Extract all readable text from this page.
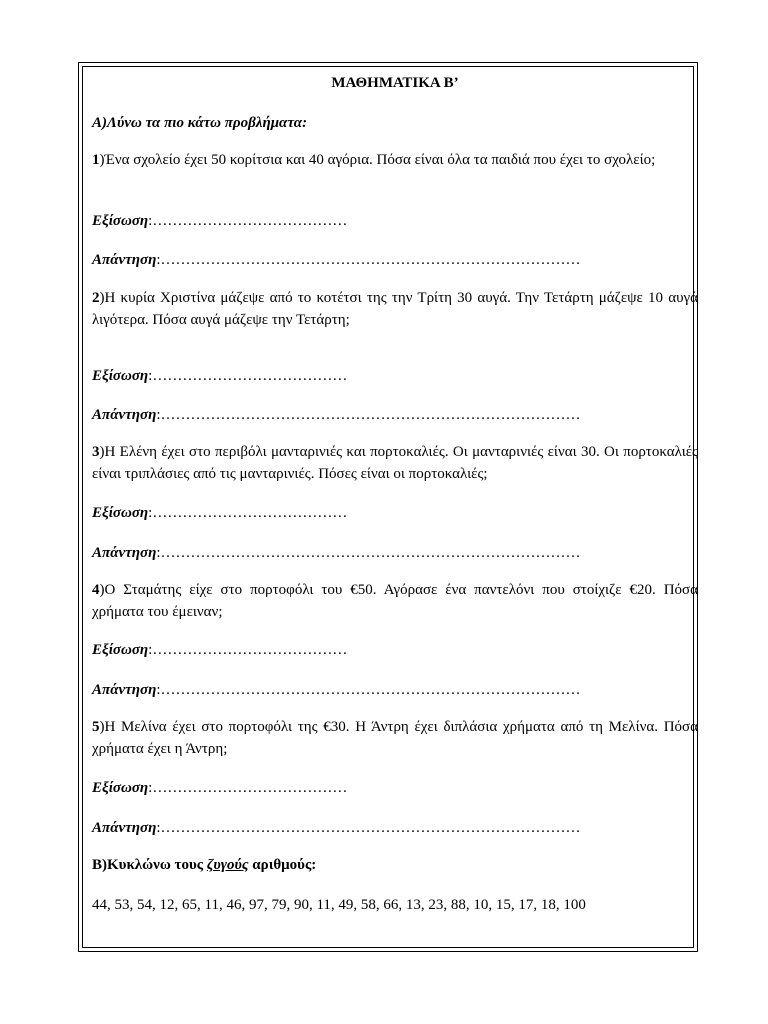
ΜΑΘΗΜΑΤΙΚΑ Β’
Α)Λύνω τα πιο κάτω προβλήματα:
1)Ένα σχολείο έχει 50 κορίτσια και 40 αγόρια. Πόσα είναι όλα τα παιδιά που έχει το σχολείο;
Εξίσωση:…………………………………
Απάντηση:…………………………………………………………………………
2)Η κυρία Χριστίνα μάζεψε από το κοτέτσι της την Τρίτη 30 αυγά. Την Τετάρτη μάζεψε 10 αυγά λιγότερα. Πόσα αυγά μάζεψε την Τετάρτη;
Εξίσωση:…………………………………
Απάντηση:…………………………………………………………………………
3)Η Ελένη έχει στο περιβόλι μανταρινιές και πορτοκαλιές. Οι μανταρινιές είναι 30. Οι πορτοκαλιές είναι τριπλάσιες από τις μανταρινιές. Πόσες είναι οι πορτοκαλιές;
Εξίσωση:…………………………………
Απάντηση:…………………………………………………………………………
4)Ο Σταμάτης είχε στο πορτοφόλι του €50. Αγόρασε ένα παντελόνι που στοίχιζε €20. Πόσα χρήματα του έμειναν;
Εξίσωση:…………………………………
Απάντηση:…………………………………………………………………………
5)Η Μελίνα έχει στο πορτοφόλι της €30. Η Άντρη έχει διπλάσια χρήματα από τη Μελίνα. Πόσα χρήματα έχει η Άντρη;
Εξίσωση:…………………………………
Απάντηση:…………………………………………………………………………
Β)Κυκλώνω τους ζυγούς αριθμούς:
44, 53, 54, 12, 65, 11, 46, 97, 79, 90, 11, 49, 58, 66, 13, 23, 88, 10, 15, 17, 18, 100
